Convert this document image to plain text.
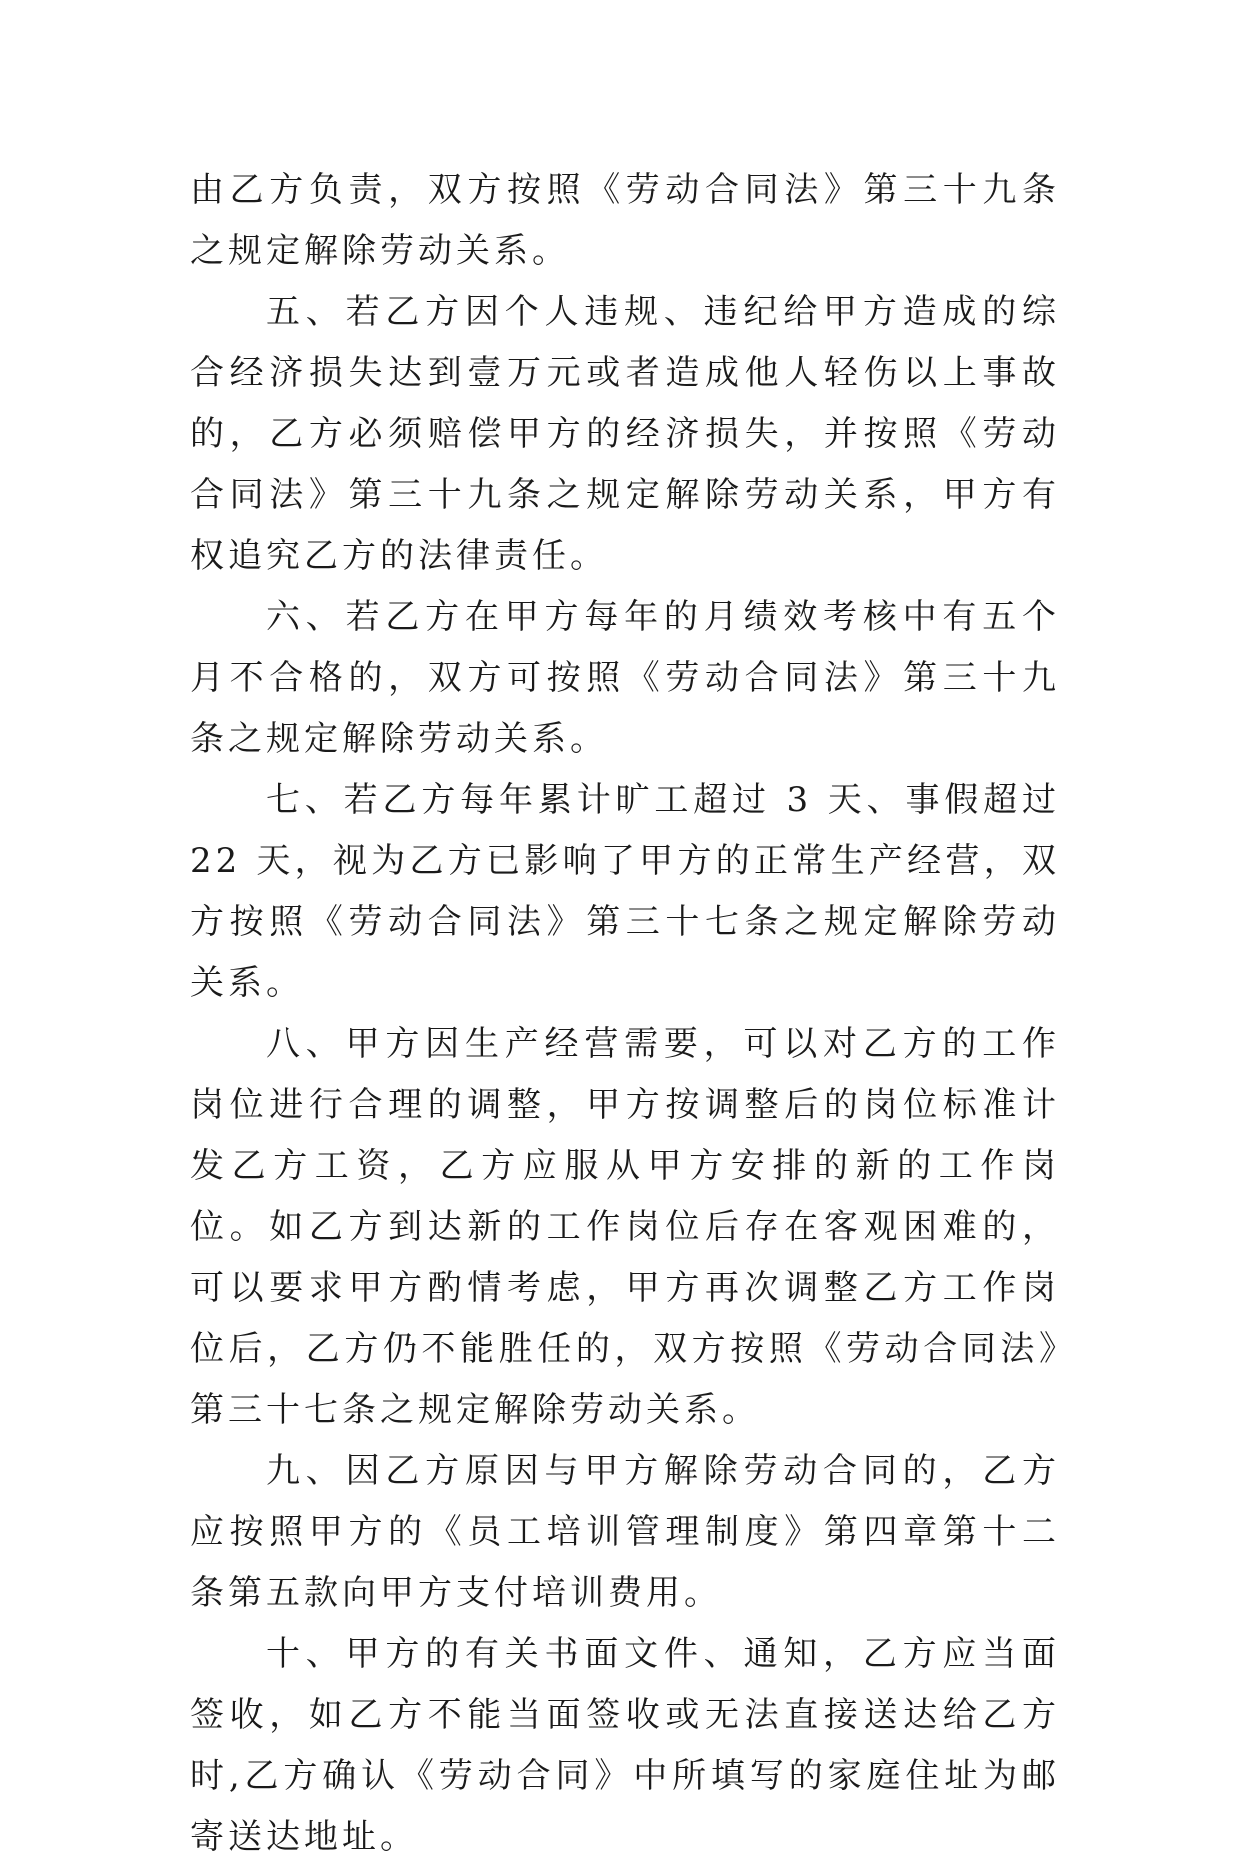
由乙方负责，双方按照《劳动合同法》第三十九条之规定解除劳动关系。

五、若乙方因个人违规、违纪给甲方造成的综合经济损失达到壹万元或者造成他人轻伤以上事故的，乙方必须赔偿甲方的经济损失，并按照《劳动合同法》第三十九条之规定解除劳动关系，甲方有权追究乙方的法律责任。

六、若乙方在甲方每年的月绩效考核中有五个月不合格的，双方可按照《劳动合同法》第三十九条之规定解除劳动关系。

七、若乙方每年累计旷工超过 3 天、事假超过 22 天，视为乙方已影响了甲方的正常生产经营，双方按照《劳动合同法》第三十七条之规定解除劳动关系。

八、甲方因生产经营需要，可以对乙方的工作岗位进行合理的调整，甲方按调整后的岗位标准计发乙方工资，乙方应服从甲方安排的新的工作岗位。如乙方到达新的工作岗位后存在客观困难的，可以要求甲方酌情考虑，甲方再次调整乙方工作岗位后，乙方仍不能胜任的，双方按照《劳动合同法》第三十七条之规定解除劳动关系。

九、因乙方原因与甲方解除劳动合同的，乙方应按照甲方的《员工培训管理制度》第四章第十二条第五款向甲方支付培训费用。

十、甲方的有关书面文件、通知，乙方应当面签收，如乙方不能当面签收或无法直接送达给乙方时,乙方确认《劳动合同》中所填写的家庭住址为邮寄送达地址。
